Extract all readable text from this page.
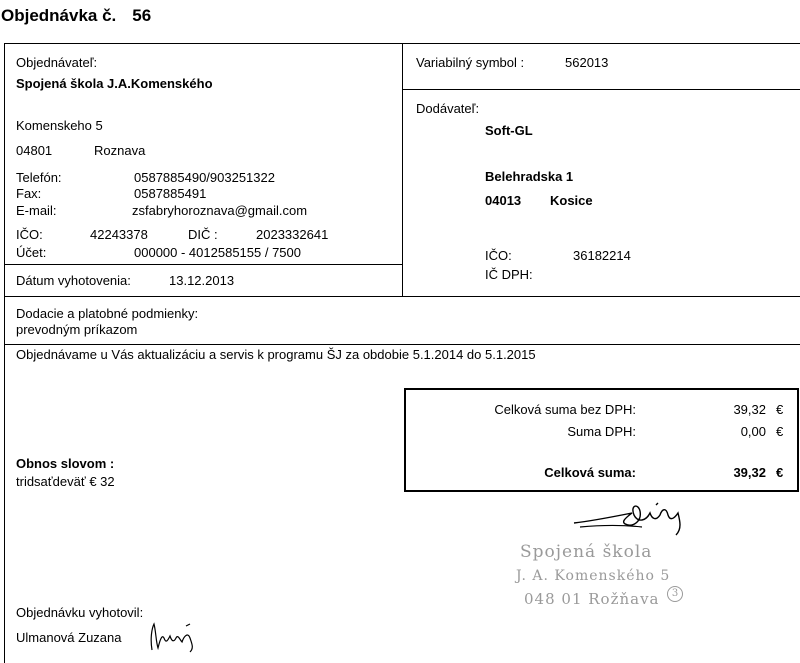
Objednávka č. 56
Objednávateľ:
Spojená škola J.A.Komenského
Komenskeho 5
04801	Roznava
Telefón:	0587885490/903251322
Fax:	0587885491
E-mail:	zsfabryhoroznava@gmail.com
IČO:	42243378	DIČ :	2023332641
Účet:	000000 - 4012585155 / 7500
Dátum vyhotovenia:	13.12.2013
Variabilný symbol :	562013
Dodávateľ:
Soft-GL
Belehradska 1
04013 Kosice
IČO:	36182214
IČ DPH:
Dodacie a platobné podmienky:
prevodným príkazom
Objednávame u Vás aktualizáciu a servis k programu ŠJ za obdobie 5.1.2014 do 5.1.2015
Celková suma bez DPH:	39,32 €
Suma DPH:	0,00 €
Celková suma:	39,32 €
Obnos slovom :
tridsaťdeväť € 32
Spojená škola
J. A. Komenského 5
048 01 Rožňava	3
Objednávku vyhotovil:
Ulmanová Zuzana
